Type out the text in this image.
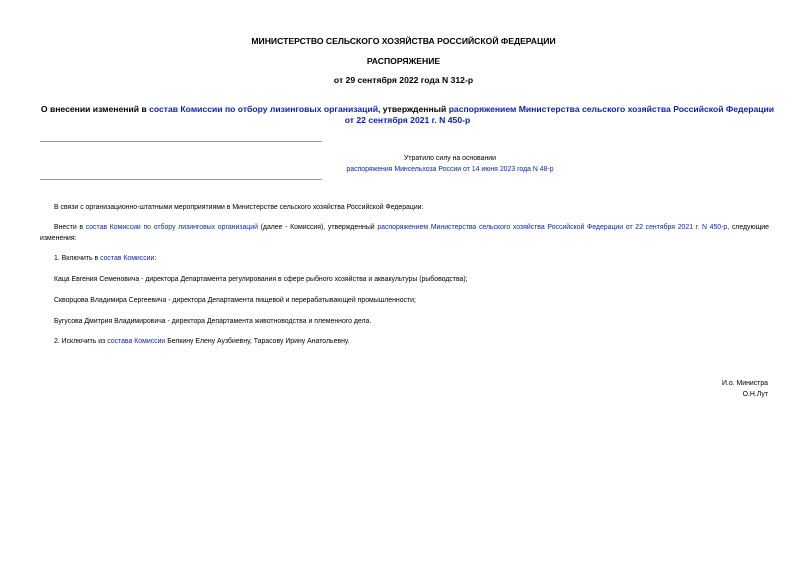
МИНИСТЕРСТВО СЕЛЬСКОГО ХОЗЯЙСТВА РОССИЙСКОЙ ФЕДЕРАЦИИ
РАСПОРЯЖЕНИЕ
от 29 сентября 2022 года N 312-р
О внесении изменений в состав Комиссии по отбору лизинговых организаций, утвержденный распоряжением Министерства сельского хозяйства Российской Федерации от 22 сентября 2021 г. N 450-р
Утратило силу на основании
распоряжения Минсельхоза России от 14 июня 2023 года N 48-р
В связи с организационно-штатными мероприятиями в Министерстве сельского хозяйства Российской Федерации:
Внести в состав Комиссии по отбору лизинговых организаций (далее - Комиссия), утвержденный распоряжением Министерства сельского хозяйства Российской Федерации от 22 сентября 2021 г. N 450-р, следующие изменения:
1. Включить в состав Комиссии:
Каца Евгения Семеновича - директора Департамента регулирования в сфере рыбного хозяйства и аквакультуры (рыбоводства);
Скворцова Владимира Сергеевича - директора Департамента пищевой и перерабатывающей промышленности;
Бугусова Дмитрия Владимировича - директора Департамента животноводства и племенного дела.
2. Исключить из состава Комиссии Белкину Елену Аузбиевну, Тарасову Ирину Анатольевну.
И.о. Министра
О.Н.Лут
